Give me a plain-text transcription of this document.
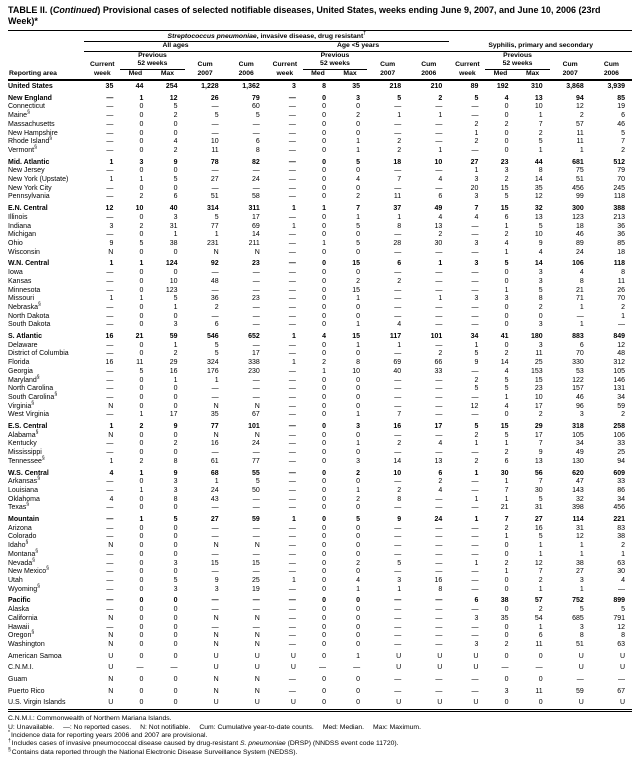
TABLE II. (Continued) Provisional cases of selected notifiable diseases, United States, weeks ending June 9, 2007, and June 10, 2006 (23rd Week)*
	Streptococcus pneumoniae, invasive disease, drug resistant†	
	All ages					Age <5 years					Syphilis, primary and secondary				
		Previous					Previous					Previous			
	Current	52 weeks		Cum	Cum	Current	52 weeks		Cum	Cum	Current	52 weeks		Cum	Cum
Reporting area	week	Med	Max	2007	2006	week	Med	Max	2007	2006	week	Med	Max	2007	2006
United States	35	44	254	1,228	1,362	3	8	35	218	210	89	192	310	3,868	3,939
New England	—	1	12	26	79	—	0	3	5	2	5	4	13	94	85
Connecticut	—	0	5	—	60	—	0	0	—	—	—	0	10	12	19
Maine§	—	0	2	5	5	—	0	2	1	1	—	0	1	2	6
Massachusetts	—	0	0	—	—	—	0	0	—	—	2	2	7	57	46
New Hampshire	—	0	0	—	—	—	0	0	—	—	1	0	2	11	5
Rhode Island§	—	0	4	10	6	—	0	1	2	—	2	0	5	11	7
Vermont§	—	0	2	11	8	—	0	1	2	1	—	0	1	1	2
Mid. Atlantic	1	3	9	78	82	—	0	5	18	10	27	23	44	681	512
New Jersey	—	0	0	—	—	—	0	0	—	—	1	3	8	75	79
New York (Upstate)	1	1	5	27	24	—	0	4	7	4	3	2	14	51	70
New York City	—	0	0	—	—	—	0	0	—	—	20	15	35	456	245
Pennsylvania	—	2	6	51	58	—	0	2	11	6	3	5	12	99	118
E.N. Central	12	10	40	314	311	1	1	7	37	49	7	15	32	300	388
Illinois	—	0	3	5	17	—	0	1	1	4	4	6	13	123	213
Indiana	3	2	31	77	69	1	0	5	8	13	—	1	5	18	36
Michigan	—	0	1	1	14	—	0	0	—	2	—	2	10	46	36
Ohio	9	5	38	231	211	—	1	5	28	30	3	4	9	89	85
Wisconsin	N	0	0	N	N	—	0	0	—	—	—	1	4	24	18
W.N. Central	1	1	124	92	23	—	0	15	6	1	3	5	14	106	118
Iowa	—	0	0	—	—	—	0	0	—	—	—	0	3	4	8
Kansas	—	0	10	48	—	—	0	2	2	—	—	0	3	8	11
Minnesota	—	0	123	—	—	—	0	15	—	—	—	1	5	21	26
Missouri	1	1	5	36	23	—	0	1	—	1	3	3	8	71	70
Nebraska§	—	0	1	2	—	—	0	0	—	—	—	0	2	1	2
North Dakota	—	0	0	—	—	—	0	0	—	—	—	0	0	—	1
South Dakota	—	0	3	6	—	—	0	1	4	—	—	0	3	1	—
S. Atlantic	16	21	59	546	652	1	4	15	117	101	34	41	180	883	849
Delaware	—	0	1	5	—	—	0	1	1	—	1	0	3	6	12
District of Columbia	—	0	2	5	17	—	0	0	—	2	5	2	11	70	48
Florida	16	11	29	324	338	1	2	8	69	66	9	14	25	330	312
Georgia	—	5	16	176	230	—	1	10	40	33	—	4	153	53	105
Maryland§	—	0	1	1	—	—	0	0	—	—	2	5	15	122	146
North Carolina	—	0	0	—	—	—	0	0	—	—	5	5	23	157	131
South Carolina§	—	0	0	—	—	—	0	0	—	—	—	1	10	46	34
Virginia§	N	0	0	N	N	—	0	0	—	—	12	4	17	96	59
West Virginia	—	1	17	35	67	—	0	1	7	—	—	0	2	3	2
E.S. Central	1	2	9	77	101	—	0	3	16	17	5	15	29	318	258
Alabama§	N	0	0	N	N	—	0	0	—	—	2	5	17	105	106
Kentucky	—	0	2	16	24	—	0	1	2	4	1	1	7	34	33
Mississippi	—	0	0	—	—	—	0	0	—	—	—	2	9	49	25
Tennessee§	1	2	8	61	77	—	0	3	14	13	2	6	13	130	94
W.S. Central	4	1	9	68	55	—	0	2	10	6	1	30	56	620	609
Arkansas§	—	0	3	1	5	—	0	0	—	2	—	1	7	47	33
Louisiana	—	1	3	24	50	—	0	1	2	4	—	7	30	143	86
Oklahoma	4	0	8	43	—	—	0	2	8	—	1	1	5	32	34
Texas§	—	0	0	—	—	—	0	0	—	—	—	21	31	398	456
Mountain	—	1	5	27	59	1	0	5	9	24	1	7	27	114	221
Arizona	—	0	0	—	—	—	0	0	—	—	—	2	16	31	83
Colorado	—	0	0	—	—	—	0	0	—	—	—	1	5	12	38
Idaho§	N	0	0	N	N	—	0	0	—	—	—	0	1	1	2
Montana§	—	0	0	—	—	—	0	0	—	—	—	0	1	1	1
Nevada§	—	0	3	15	15	—	0	2	5	—	1	2	12	38	63
New Mexico§	—	0	0	—	—	—	0	0	—	—	—	1	7	27	30
Utah	—	0	5	9	25	1	0	4	3	16	—	0	2	3	4
Wyoming§	—	0	3	3	19	—	0	1	1	8	—	0	1	1	—
Pacific	—	0	0	—	—	—	0	0	—	—	6	38	57	752	899
Alaska	—	0	0	—	—	—	0	0	—	—	—	0	2	5	5
California	N	0	0	N	N	—	0	0	—	—	3	35	54	685	791
Hawaii	—	0	0	—	—	—	0	0	—	—	—	0	1	3	12
Oregon§	N	0	0	N	N	—	0	0	—	—	—	0	6	8	8
Washington	N	0	0	N	N	—	0	0	—	—	3	2	11	51	63
American Samoa	U	0	0	U	U	U	0	1	U	U	U	0	0	U	U
C.N.M.I.	U	—	—	U	U	U	—	—	U	U	U	—	—	U	U
Guam	N	0	0	N	N	—	0	0	—	—	—	0	0	—	—
Puerto Rico	N	0	0	N	N	—	0	0	—	—	—	3	11	59	67
U.S. Virgin Islands	U	0	0	U	U	U	0	0	U	U	U	0	0	U	U
C.N.M.I.: Commonwealth of Northern Mariana Islands.
U: Unavailable. —: No reported cases. N: Not notifiable. Cum: Cumulative year-to-date counts. Med: Median. Max: Maximum.
*Incidence data for reporting years 2006 and 2007 are provisional.
†Includes cases of invasive pneumococcal disease caused by drug-resistant S. pneumoniae (DRSP) (NNDSS event code 11720).
§Contains data reported through the National Electronic Disease Surveillance System (NEDSS).
